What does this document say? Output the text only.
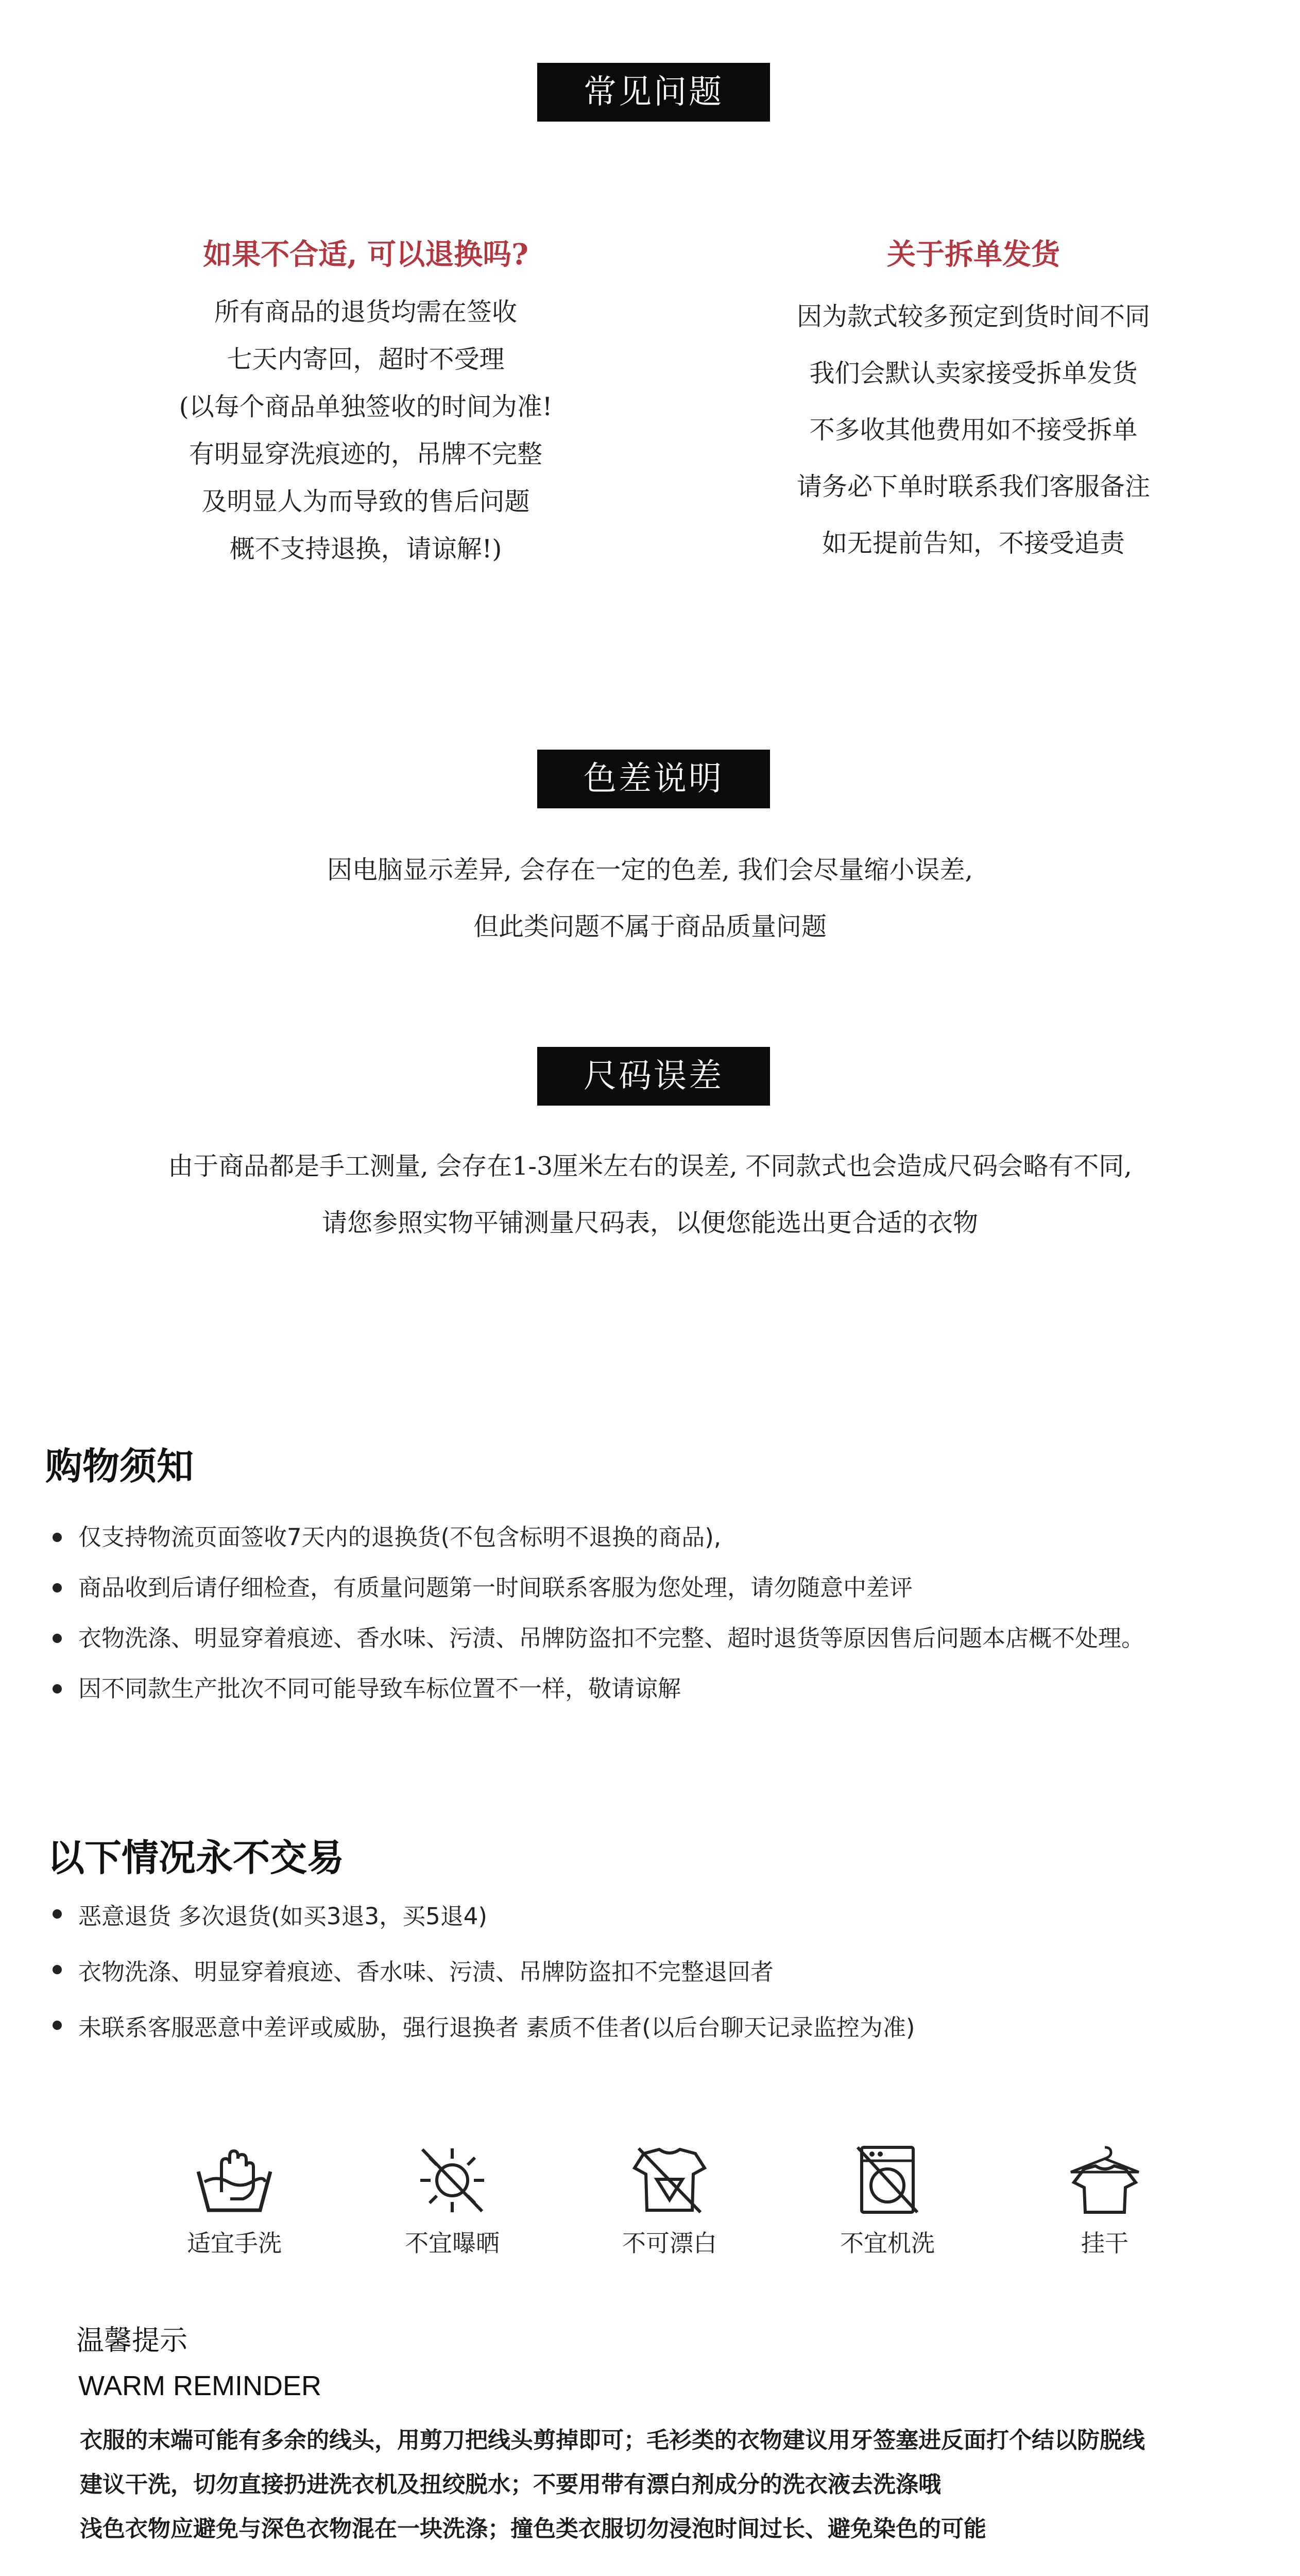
常见问题
如果不合适, 可以退换吗?
所有商品的退货均需在签收
七天内寄回，超时不受理
(以每个商品单独签收的时间为准!
有明显穿洗痕迹的，吊牌不完整
及明显人为而导致的售后问题
概不支持退换，请谅解!)
关于拆单发货
因为款式较多预定到货时间不同
我们会默认卖家接受拆单发货
不多收其他费用如不接受拆单
请务必下单时联系我们客服备注
如无提前告知，不接受追责
色差说明
因电脑显示差异, 会存在一定的色差, 我们会尽量缩小误差,
但此类问题不属于商品质量问题
尺码误差
由于商品都是手工测量, 会存在1-3厘米左右的误差, 不同款式也会造成尺码会略有不同,
请您参照实物平铺测量尺码表，以便您能选出更合适的衣物
购物须知
仅支持物流页面签收7天内的退换货(不包含标明不退换的商品),
商品收到后请仔细检查，有质量问题第一时间联系客服为您处理，请勿随意中差评
衣物洗涤、明显穿着痕迹、香水味、污渍、吊牌防盗扣不完整、超时退货等原因售后问题本店概不处理。
因不同款生产批次不同可能导致车标位置不一样，敬请谅解
以下情况永不交易
恶意退货 多次退货(如买3退3，买5退4)
衣物洗涤、明显穿着痕迹、香水味、污渍、吊牌防盗扣不完整退回者
未联系客服恶意中差评或威胁，强行退换者 素质不佳者(以后台聊天记录监控为准)
适宜手洗	不宜曝晒	不可漂白	不宜机洗	挂干
温馨提示
WARM REMINDER
衣服的末端可能有多余的线头，用剪刀把线头剪掉即可；毛衫类的衣物建议用牙签塞进反面打个结以防脱线
建议干洗，切勿直接扔进洗衣机及扭绞脱水；不要用带有漂白剂成分的洗衣液去洗涤哦
浅色衣物应避免与深色衣物混在一块洗涤；撞色类衣服切勿浸泡时间过长、避免染色的可能
